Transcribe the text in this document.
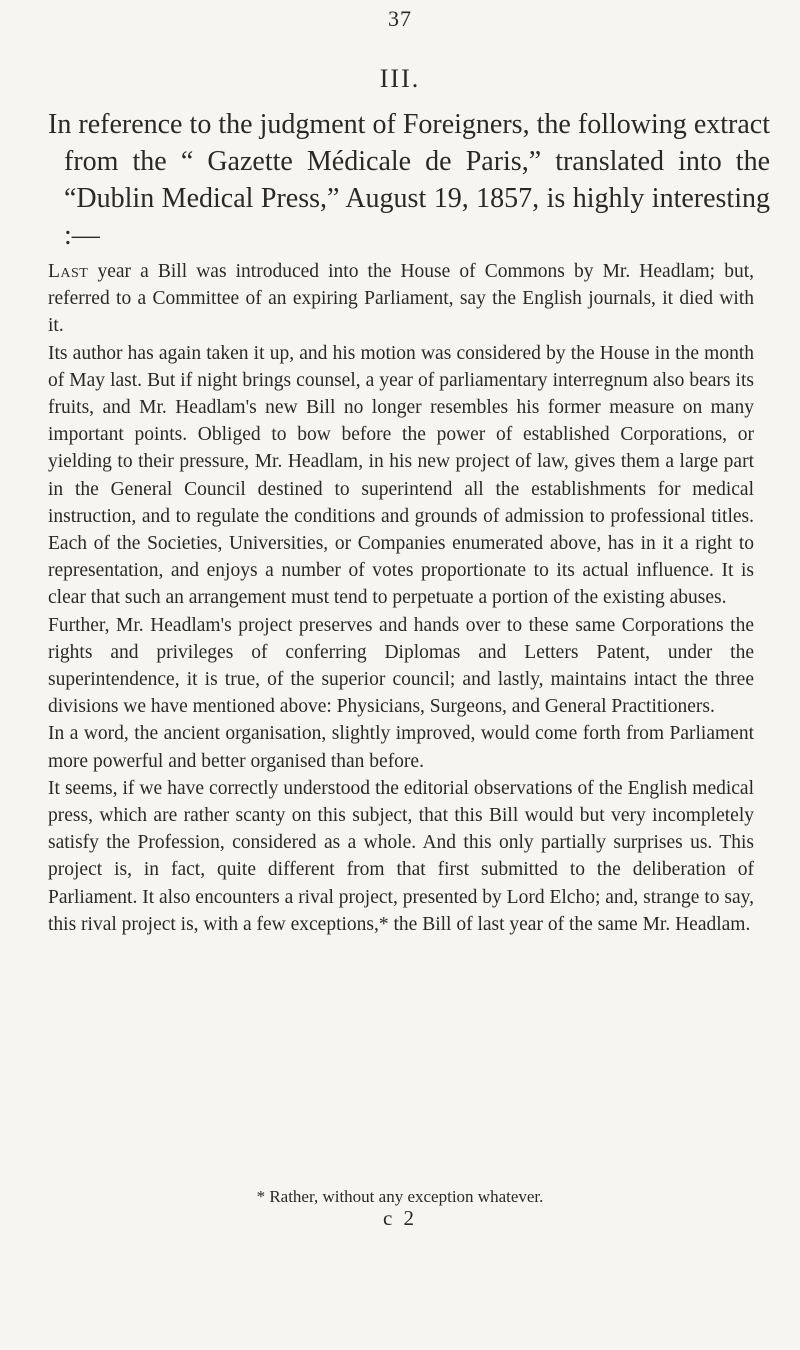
37
III.

In reference to the judgment of Foreigners, the following extract from the “ Gazette Médicale de Paris,” translated into the “Dublin Medical Press,” August 19, 1857, is highly interesting :—

Last year a Bill was introduced into the House of Commons by Mr. Headlam; but, referred to a Committee of an expiring Parliament, say the English journals, it died with it.

Its author has again taken it up, and his motion was considered by the House in the month of May last. But if night brings counsel, a year of parliamentary interregnum also bears its fruits, and Mr. Headlam's new Bill no longer resembles his former measure on many important points. Obliged to bow before the power of established Corporations, or yielding to their pressure, Mr. Headlam, in his new project of law, gives them a large part in the General Council destined to superintend all the establishments for medical instruction, and to regulate the conditions and grounds of admission to professional titles. Each of the Societies, Universities, or Companies enumerated above, has in it a right to representation, and enjoys a number of votes proportionate to its actual influence. It is clear that such an arrangement must tend to perpetuate a portion of the existing abuses.

Further, Mr. Headlam's project preserves and hands over to these same Corporations the rights and privileges of conferring Diplomas and Letters Patent, under the superintendence, it is true, of the superior council; and lastly, maintains intact the three divisions we have mentioned above: Physicians, Surgeons, and General Practitioners.

In a word, the ancient organisation, slightly improved, would come forth from Parliament more powerful and better organised than before.

It seems, if we have correctly understood the editorial observations of the English medical press, which are rather scanty on this subject, that this Bill would but very incompletely satisfy the Profession, considered as a whole. And this only partially surprises us. This project is, in fact, quite different from that first submitted to the deliberation of Parliament. It also encounters a rival project, presented by Lord Elcho; and, strange to say, this rival project is, with a few exceptions,* the Bill of last year of the same Mr. Headlam.

* Rather, without any exception whatever.
c 2
